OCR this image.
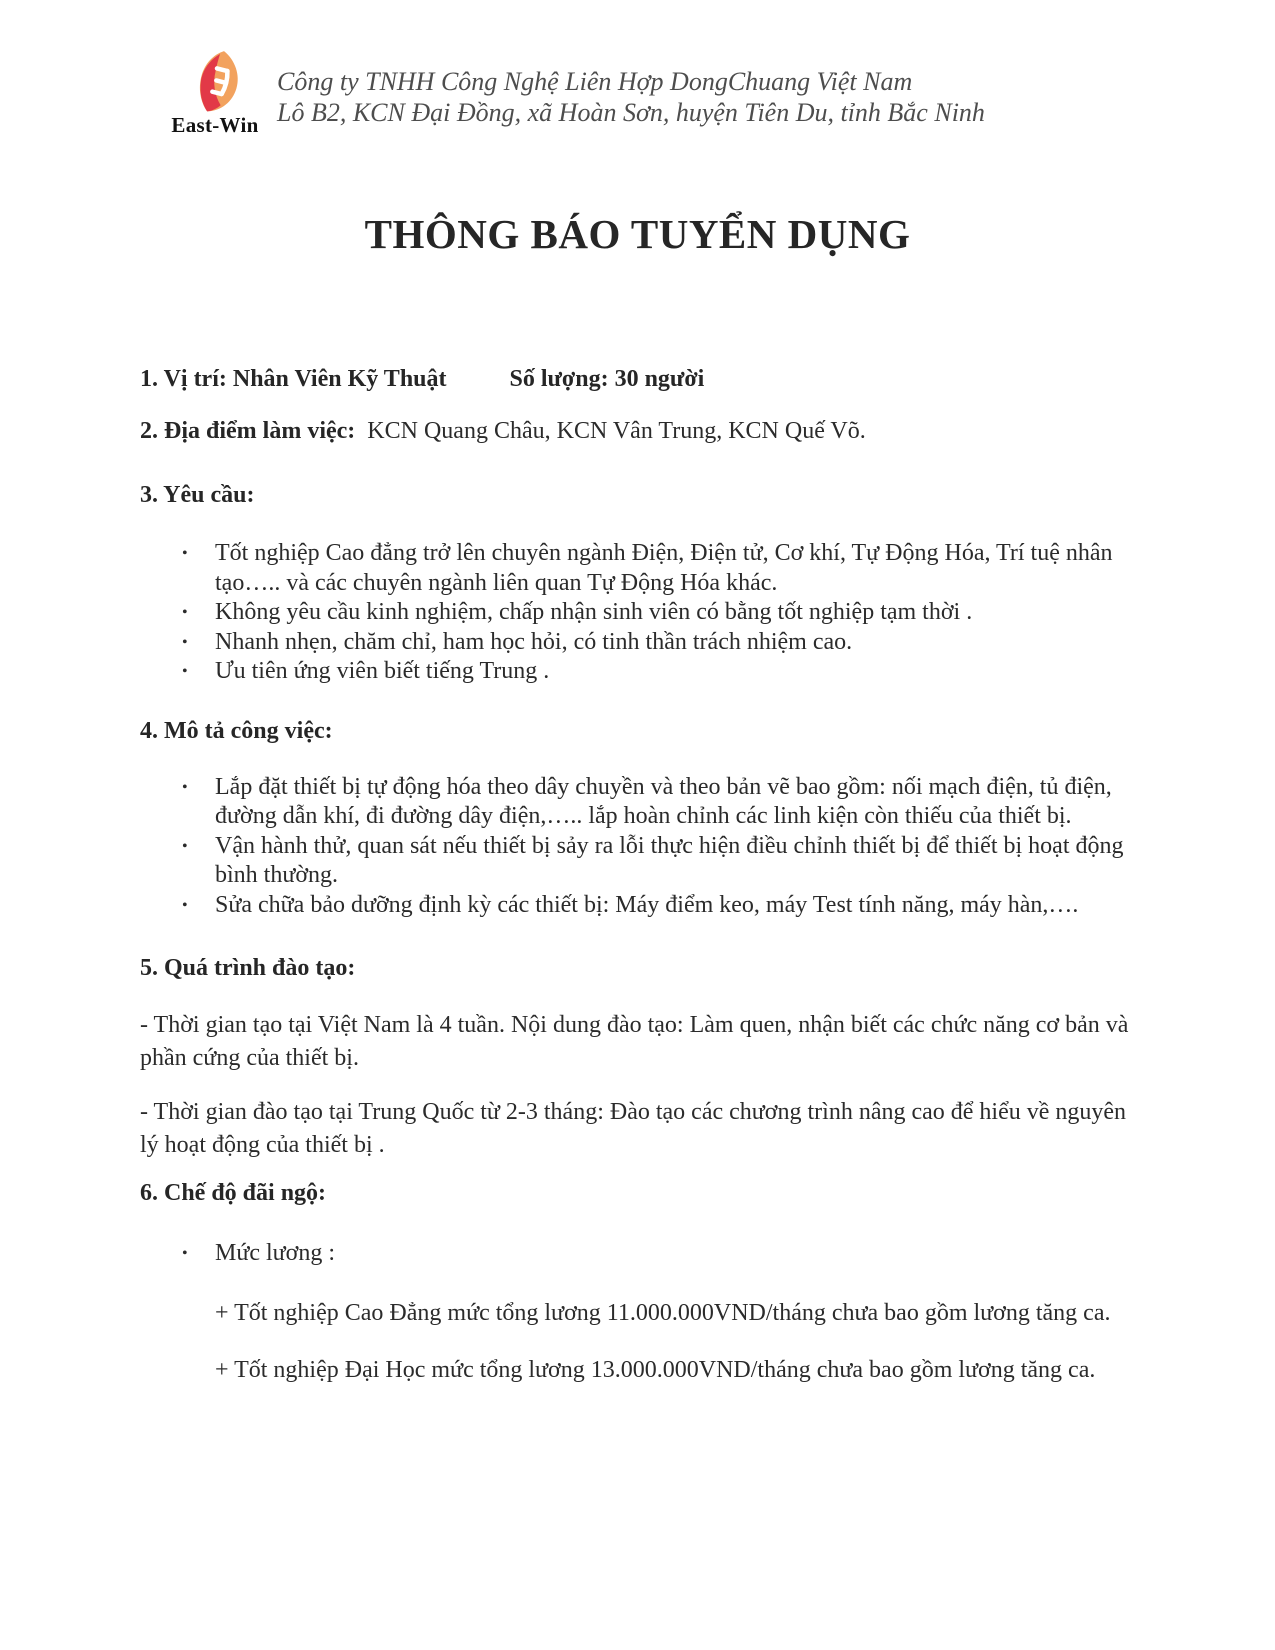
East-Win
Công ty TNHH Công Nghệ Liên Hợp DongChuang Việt Nam
Lô B2, KCN Đại Đồng, xã Hoàn Sơn, huyện Tiên Du, tỉnh Bắc Ninh
THÔNG BÁO TUYỂN DỤNG

1. Vị trí: Nhân Viên Kỹ Thuật	Số lượng: 30 người

2. Địa điểm làm việc: KCN Quang Châu, KCN Vân Trung, KCN Quế Võ.

3. Yêu cầu:

• Tốt nghiệp Cao đẳng trở lên chuyên ngành Điện, Điện tử, Cơ khí, Tự Động Hóa, Trí tuệ nhân tạo….. và các chuyên ngành liên quan Tự Động Hóa khác.
• Không yêu cầu kinh nghiệm, chấp nhận sinh viên có bằng tốt nghiệp tạm thời .
• Nhanh nhẹn, chăm chỉ, ham học hỏi, có tinh thần trách nhiệm cao.
• Ưu tiên ứng viên biết tiếng Trung .

4. Mô tả công việc:

• Lắp đặt thiết bị tự động hóa theo dây chuyền và theo bản vẽ bao gồm: nối mạch điện, tủ điện, đường dẫn khí, đi đường dây điện,….. lắp hoàn chỉnh các linh kiện còn thiếu của thiết bị.
• Vận hành thử, quan sát nếu thiết bị sảy ra lỗi thực hiện điều chỉnh thiết bị để thiết bị hoạt động bình thường.
• Sửa chữa bảo dưỡng định kỳ các thiết bị: Máy điểm keo, máy Test tính năng, máy hàn,….

5. Quá trình đào tạo:

- Thời gian tạo tại Việt Nam là 4 tuần. Nội dung đào tạo: Làm quen, nhận biết các chức năng cơ bản và phần cứng của thiết bị.

- Thời gian đào tạo tại Trung Quốc từ 2-3 tháng: Đào tạo các chương trình nâng cao để hiểu về nguyên lý hoạt động của thiết bị .

6. Chế độ đãi ngộ:

• Mức lương :

+ Tốt nghiệp Cao Đẳng mức tổng lương 11.000.000VND/tháng chưa bao gồm lương tăng ca.

+ Tốt nghiệp Đại Học mức tổng lương 13.000.000VND/tháng chưa bao gồm lương tăng ca.
